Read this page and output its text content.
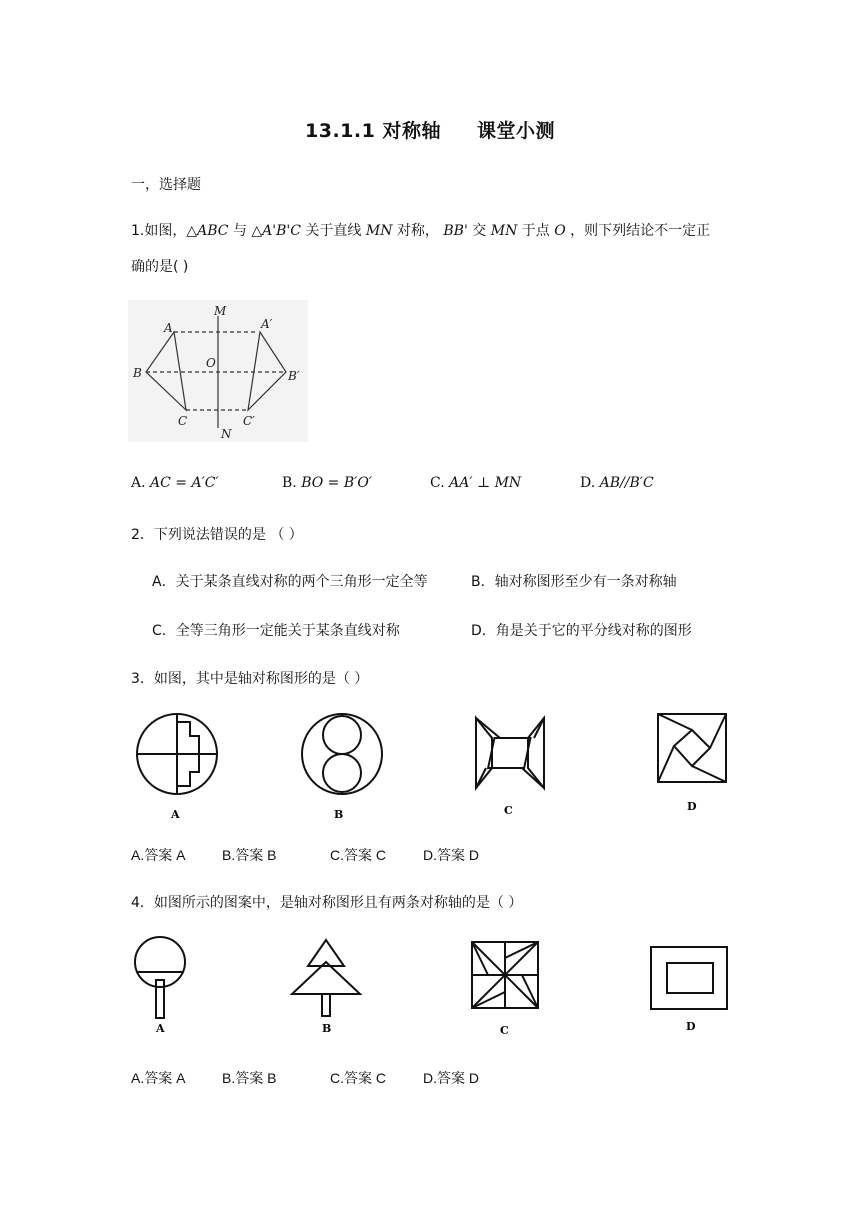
13.1.1 对称轴 课堂小测
一，选择题
1.如图，△ABC 与 △A'B'C 关于直线 MN 对称， BB' 交 MN 于点 O ，则下列结论不一定正
确的是( )
M
N
O
A
B
C
A′
B′
C′
A. AC = A′C′	B. BO = B′O′	C. AA′ ⊥ MN	D. AB//B′C
2．下列说法错误的是 （ ）
A．关于某条直线对称的两个三角形一定全等	B．轴对称图形至少有一条对称轴
C．全等三角形一定能关于某条直线对称	D．角是关于它的平分线对称的图形
3．如图，其中是轴对称图形的是（ ）
A	B	C	D
A.答案 A	B.答案 B	C.答案 C	D.答案 D
4．如图所示的图案中，是轴对称图形且有两条对称轴的是（ ）
A	B	C	D
A.答案 A	B.答案 B	C.答案 C	D.答案 D
